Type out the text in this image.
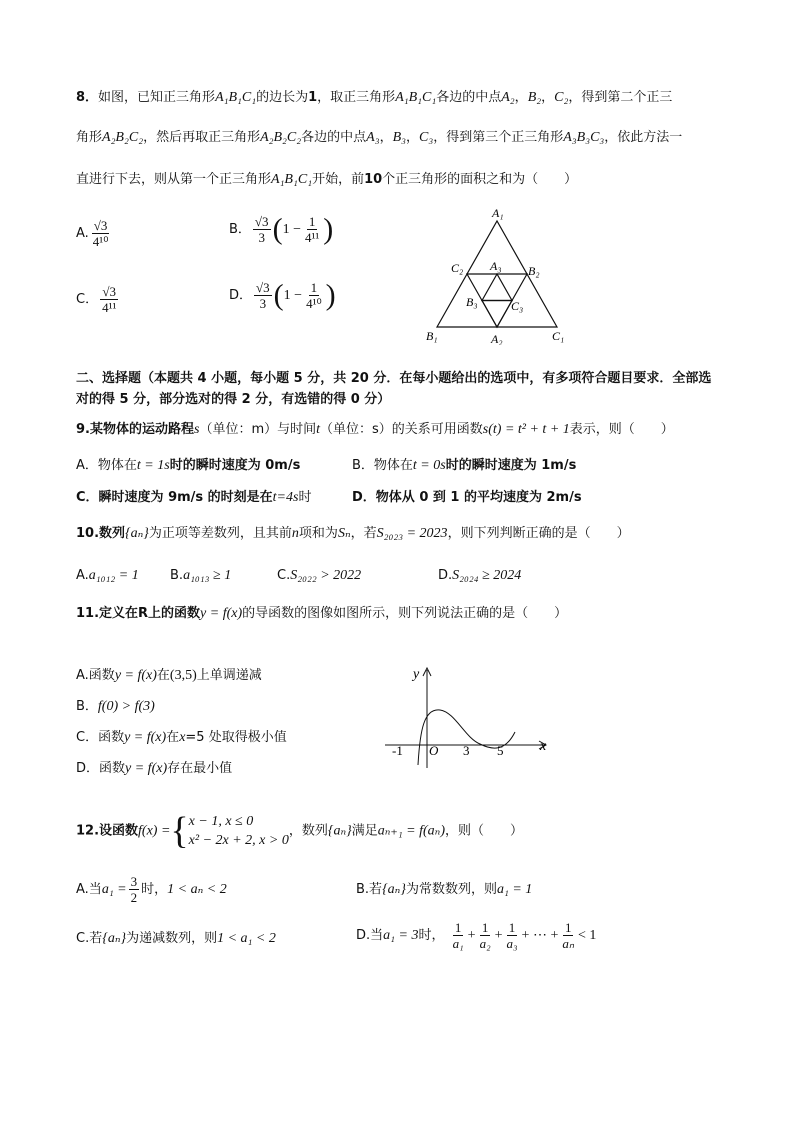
8．如图，已知正三角形A₁B₁C₁的边长为1，取正三角形A₁B₁C₁各边的中点A₂，B₂，C₂，得到第二个正三
角形A₂B₂C₂，然后再取正三角形A₂B₂C₂各边的中点A₃，B₃，C₃，得到第三个正三角形A₃B₃C₃，依此方法一
直进行下去，则从第一个正三角形A₁B₁C₁开始，前10个正三角形的面积之和为（　　）
A. $\frac{√3}{\text{4¹⁰}}$	B． $\frac{√3}{3} (1 - \frac{1}{\text{4¹¹}}$ )
C． $\frac{√3}{\text{4¹¹}}$	D． $\frac{√3}{3} (1 - \frac{1}{\text{4¹⁰}}$ )
A₁
B₁	C₁
A₂
B₂
C₂ A₃
B₃	C₃
二、选择题（本题共 4 小题，每小题 5 分，共 20 分．在每小题给出的选项中，有多项符合题目要求．全部选对的得 5 分，部分选对的得 2 分，有选错的得 0 分）
9.某物体的运动路程s（单位：m）与时间t（单位：s）的关系可用函数s(t) = t² + t + 1表示，则（　　）
A．物体在t = 1s时的瞬时速度为 0m/s	B．物体在t = 0s时的瞬时速度为 1m/s
C．瞬时速度为 9m/s 的时刻是在t=4s时	D．物体从 0 到 1 的平均速度为 2m/s
10.数列{aₙ}为正项等差数列，且其前n项和为Sₙ，若S₂₀₂₃ = 2023，则下列判断正确的是（　　）
A.a₁₀₁₂ = 1 B.a₁₀₁₃ ≥ 1	C.S₂₀₂₂ > 2022	D.S₂₀₂₄ ≥ 2024
11.定义在R上的函数y = f(x)的导函数的图像如图所示，则下列说法正确的是（　　）
A.函数y = f(x)在(3,5)上单调递减
B．f(0) > f(3)
C．函数y = f(x)在x=5 处取得极小值
D．函数y = f(x)存在最小值
y
x
-1 O 3 5
12.设函数f(x) ={ x − 1, x ≤ 0
x² − 2x + 2, x > 0
，数列{aₙ}满足aₙ₊₁ = f(aₙ)，则（　　）
A.当$a_1 = \frac{3}{2}$ 时，1 < aₙ < 2	B.若{aₙ}为常数数列，则a₁ = 1
C.若{aₙ}为递减数列，则1 < a₁ < 2	D.当a₁ = 3时， $\frac{1}{\text{a₁}} + \frac{1}{\text{a₂}} + \frac{1}{\text{a₃}}$ + ⋯ + $\frac{1}{\text{aₙ}} < 1$
